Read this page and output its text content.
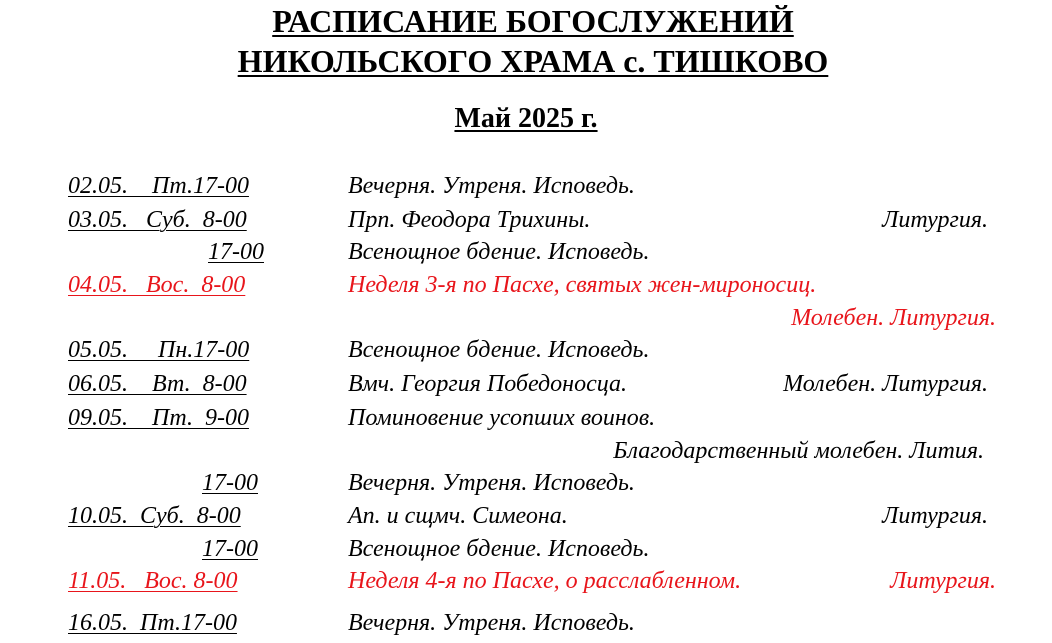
РАСПИСАНИЕ БОГОСЛУЖЕНИЙ
НИКОЛЬСКОГО ХРАМА с. ТИШКОВО
Май 2025 г.
02.05.    Пт.17-00	Вечерня. Утреня. Исповедь.
03.05.   Суб.  8-00	Прп. Феодора Трихины.	Литургия.
17-00	Всенощное бдение. Исповедь.
04.05.   Вос.  8-00	Неделя 3-я по Пасхе, святых жен-мироносиц.
Молебен. Литургия.
05.05.     Пн.17-00	Всенощное бдение. Исповедь.
06.05.    Вт.  8-00	Вмч. Георгия Победоносца.	Молебен. Литургия.
09.05.    Пт.  9-00	Поминовение усопших воинов.
Благодарственный молебен. Лития.
17-00	Вечерня. Утреня. Исповедь.
10.05.  Суб.  8-00	Ап. и сщмч. Симеона.	Литургия.
17-00	Всенощное бдение. Исповедь.
11.05.   Вос. 8-00	Неделя 4-я по Пасхе, о расслабленном.	Литургия.
16.05.  Пт.17-00	Вечерня. Утреня. Исповедь.
